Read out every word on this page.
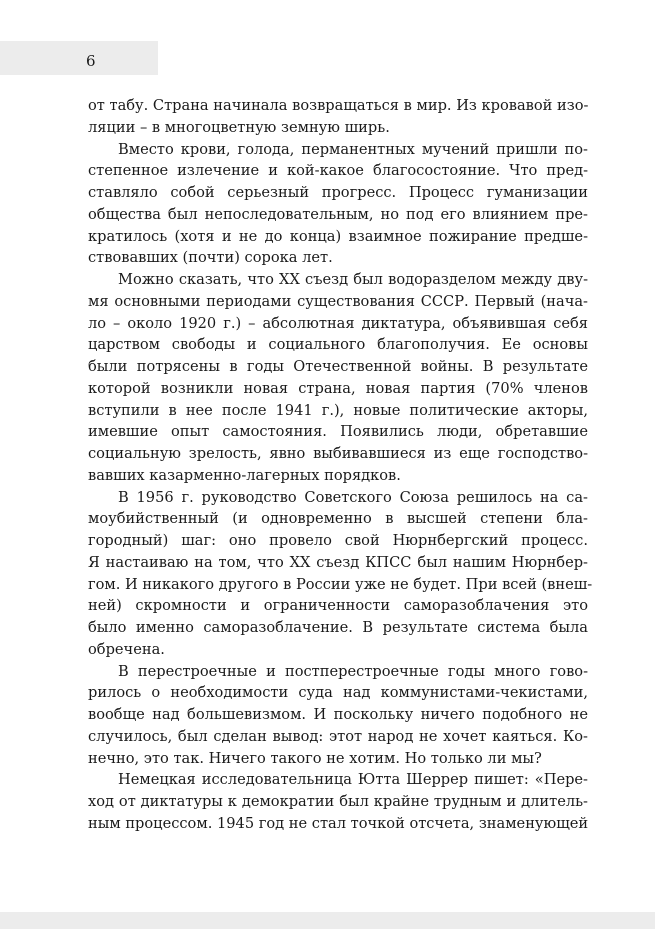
6
от табу. Страна начинала возвращаться в мир. Из кровавой изо-
ляции – в многоцветную земную ширь.
Вместо крови, голода, перманентных мучений пришли по-
степенное излечение и кой-какое благосостояние. Что пред-
ставляло собой серьезный прогресс. Процесс гуманизации
общества был непоследовательным, но под его влиянием пре-
кратилось (хотя и не до конца) взаимное пожирание предше-
ствовавших (почти) сорока лет.
Можно сказать, что ХХ съезд был водоразделом между дву-
мя основными периодами существования СССР. Первый (нача-
ло – около 1920 г.) – абсолютная диктатура, объявившая себя
царством свободы и социального благополучия. Ее основы
были потрясены в годы Отечественной войны. В результате
которой возникли новая страна, новая партия (70% членов
вступили в нее после 1941 г.), новые политические акторы,
имевшие опыт самостояния. Появились люди, обретавшие
социальную зрелость, явно выбивавшиеся из еще господство-
вавших казарменно-лагерных порядков.
В 1956 г. руководство Советского Союза решилось на са-
моубийственный (и одновременно в высшей степени бла-
городный) шаг: оно провело свой Нюрнбергский процесс.
Я настаиваю на том, что ХХ съезд КПСС был нашим Нюрнбер-
гом. И никакого другого в России уже не будет. При всей (внеш-
ней) скромности и ограниченности саморазоблачения это
было именно саморазоблачение. В результате система была
обречена.
В перестроечные и постперестроечные годы много гово-
рилось о необходимости суда над коммунистами-чекистами,
вообще над большевизмом. И поскольку ничего подобного не
случилось, был сделан вывод: этот народ не хочет каяться. Ко-
нечно, это так. Ничего такого не хотим. Но только ли мы?
Немецкая исследовательница Ютта Шеррер пишет: «Пере-
ход от диктатуры к демократии был крайне трудным и длитель-
ным процессом. 1945 год не стал точкой отсчета, знаменующей
